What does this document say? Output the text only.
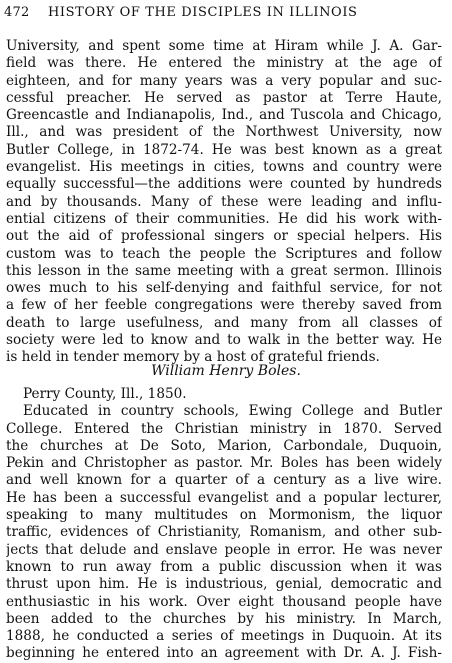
472 HISTORY OF THE DISCIPLES IN ILLINOIS
University, and spent some time at Hiram while J. A. Gar-
field was there. He entered the ministry at the age of
eighteen, and for many years was a very popular and suc-
cessful preacher. He served as pastor at Terre Haute,
Greencastle and Indianapolis, Ind., and Tuscola and Chicago,
Ill., and was president of the Northwest University, now
Butler College, in 1872-74. He was best known as a great
evangelist. His meetings in cities, towns and country were
equally successful—the additions were counted by hundreds
and by thousands. Many of these were leading and influ-
ential citizens of their communities. He did his work with-
out the aid of professional singers or special helpers. His
custom was to teach the people the Scriptures and follow
this lesson in the same meeting with a great sermon. Illinois
owes much to his self-denying and faithful service, for not
a few of her feeble congregations were thereby saved from
death to large usefulness, and many from all classes of
society were led to know and to walk in the better way. He
is held in tender memory by a host of grateful friends.
William Henry Boles.
Perry County, Ill., 1850.
Educated in country schools, Ewing College and Butler
College. Entered the Christian ministry in 1870. Served
the churches at De Soto, Marion, Carbondale, Duquoin,
Pekin and Christopher as pastor. Mr. Boles has been widely
and well known for a quarter of a century as a live wire.
He has been a successful evangelist and a popular lecturer,
speaking to many multitudes on Mormonism, the liquor
traffic, evidences of Christianity, Romanism, and other sub-
jects that delude and enslave people in error. He was never
known to run away from a public discussion when it was
thrust upon him. He is industrious, genial, democratic and
enthusiastic in his work. Over eight thousand people have
been added to the churches by his ministry. In March,
1888, he conducted a series of meetings in Duquoin. At its
beginning he entered into an agreement with Dr. A. J. Fish-
